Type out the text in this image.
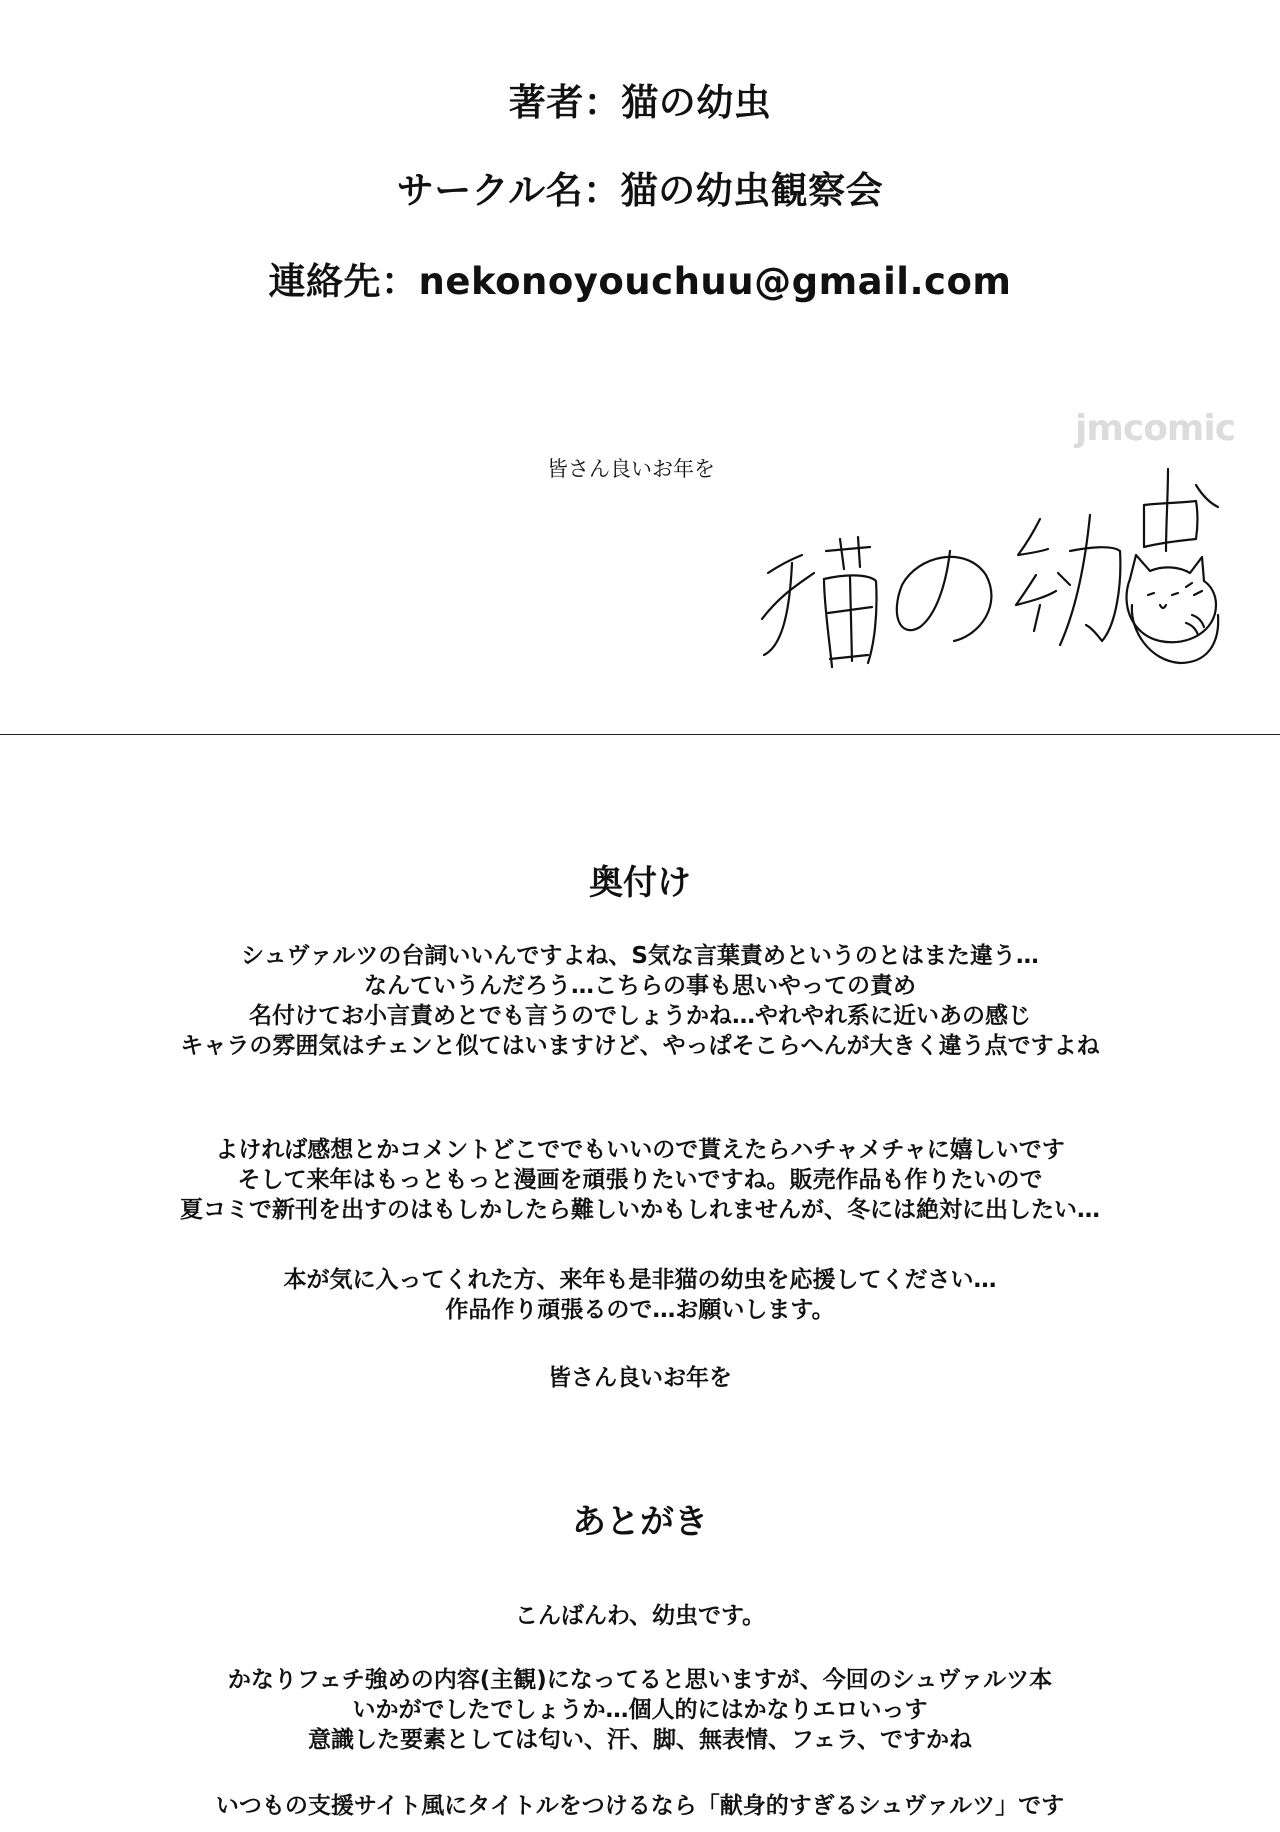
著者：猫の幼虫
サークル名：猫の幼虫観察会
連絡先：nekonoyouchuu@gmail.com
jmcomic
皆さん良いお年を
奥付け
シュヴァルツの台詞いいんですよね、S気な言葉責めというのとはまた違う…
なんていうんだろう…こちらの事も思いやっての責め
名付けてお小言責めとでも言うのでしょうかね…やれやれ系に近いあの感じ
キャラの雰囲気はチェンと似てはいますけど、やっぱそこらへんが大きく違う点ですよね
よければ感想とかコメントどこででもいいので貰えたらハチャメチャに嬉しいです
そして来年はもっともっと漫画を頑張りたいですね。販売作品も作りたいので
夏コミで新刊を出すのはもしかしたら難しいかもしれませんが、冬には絶対に出したい…
本が気に入ってくれた方、来年も是非猫の幼虫を応援してください…
作品作り頑張るので…お願いします。
皆さん良いお年を
あとがき
こんばんわ、幼虫です。
かなりフェチ強めの内容(主観)になってると思いますが、今回のシュヴァルツ本
いかがでしたでしょうか…個人的にはかなりエロいっす
意識した要素としては匂い、汗、脚、無表情、フェラ、ですかね
いつもの支援サイト風にタイトルをつけるなら「献身的すぎるシュヴァルツ」です
